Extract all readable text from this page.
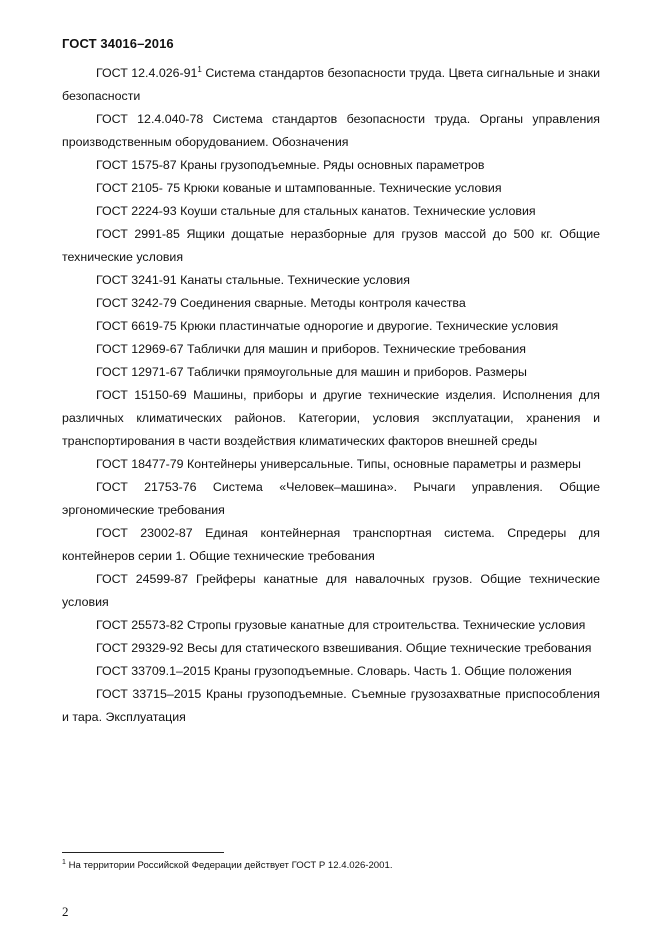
ГОСТ 34016–2016

ГОСТ $12.4.026-91^1$ Система стандартов безопасности труда. Цвета сигнальные и знаки безопасности

ГОСТ 12.4.040-78 Система стандартов безопасности труда. Органы управления производственным оборудованием. Обозначения

ГОСТ 1575-87 Краны грузоподъемные. Ряды основных параметров

ГОСТ 2105- 75 Крюки кованые и штампованные. Технические условия

ГОСТ 2224-93 Коуши стальные для стальных канатов. Технические условия

ГОСТ 2991-85 Ящики дощатые неразборные для грузов массой до 500 кг. Общие технические условия

ГОСТ 3241-91 Канаты стальные. Технические условия

ГОСТ 3242-79 Соединения сварные. Методы контроля качества

ГОСТ 6619-75 Крюки пластинчатые однорогие и двурогие. Технические условия

ГОСТ 12969-67 Таблички для машин и приборов. Технические требования

ГОСТ 12971-67 Таблички прямоугольные для машин и приборов. Размеры

ГОСТ 15150-69 Машины, приборы и другие технические изделия. Исполнения для различных климатических районов. Категории, условия эксплуатации, хранения и транспортирования в части воздействия климатических факторов внешней среды

ГОСТ 18477-79 Контейнеры универсальные. Типы, основные параметры и размеры

ГОСТ 21753-76 Система «Человек–машина». Рычаги управления. Общие эргономические требования

ГОСТ 23002-87 Единая контейнерная транспортная система. Спредеры для контейнеров серии 1. Общие технические требования

ГОСТ 24599-87 Грейферы канатные для навалочных грузов. Общие технические условия

ГОСТ 25573-82 Стропы грузовые канатные для строительства. Технические условия

ГОСТ 29329-92 Весы для статического взвешивания. Общие технические требования

ГОСТ 33709.1–2015 Краны грузоподъемные. Словарь. Часть 1. Общие положения

ГОСТ 33715–2015 Краны грузоподъемные. Съемные грузозахватные приспособления и тара. Эксплуатация

$^1$ На территории Российской Федерации действует ГОСТ Р 12.4.026-2001.
2
